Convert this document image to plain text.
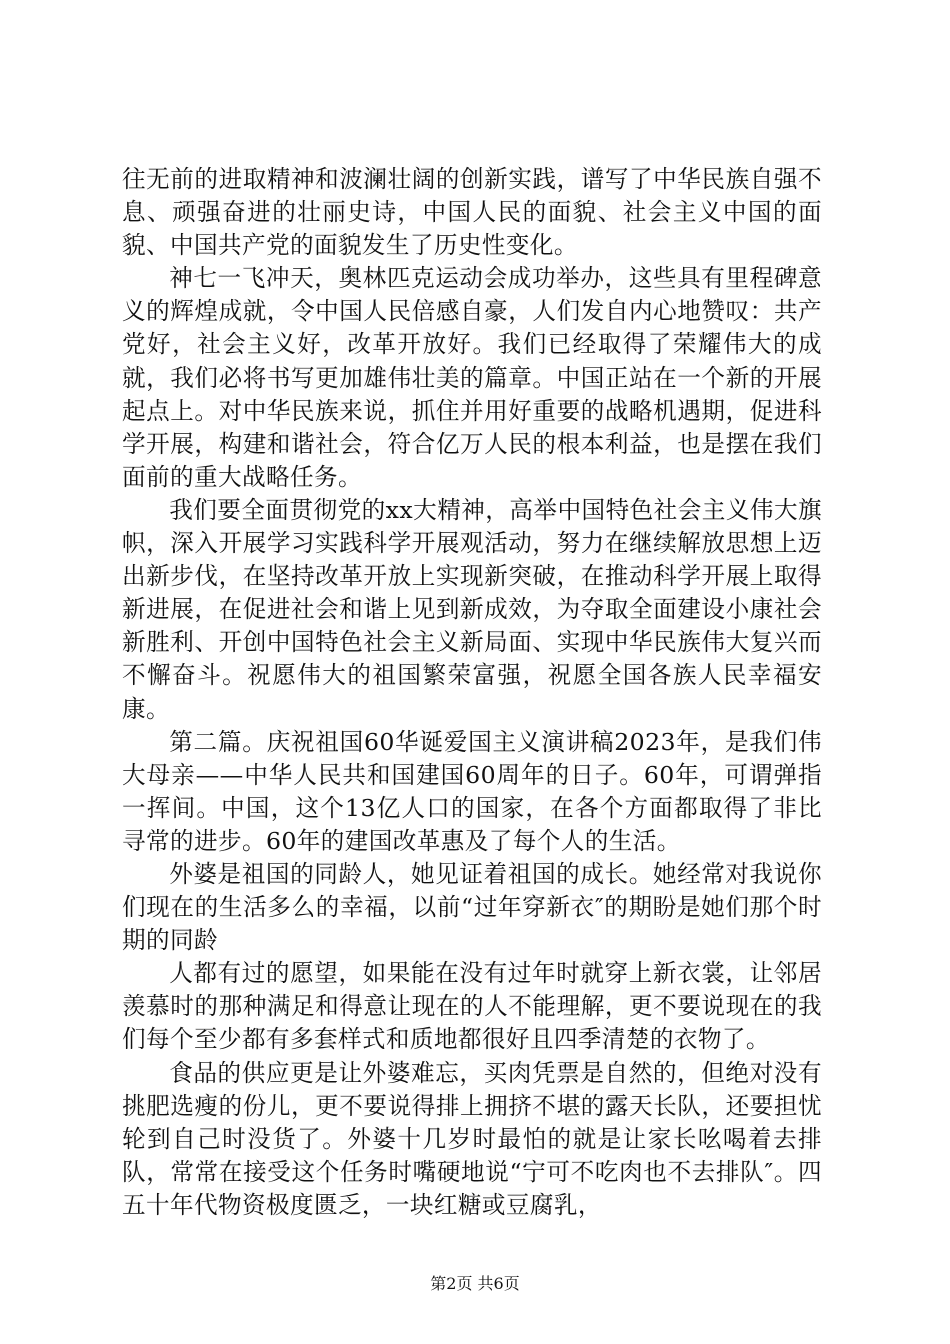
往无前的进取精神和波澜壮阔的创新实践，谱写了中华民族自强不息、顽强奋进的壮丽史诗，中国人民的面貌、社会主义中国的面貌、中国共产党的面貌发生了历史性变化。

神七一飞冲天，奥林匹克运动会成功举办，这些具有里程碑意义的辉煌成就，令中国人民倍感自豪，人们发自内心地赞叹：共产党好，社会主义好，改革开放好。我们已经取得了荣耀伟大的成就，我们必将书写更加雄伟壮美的篇章。中国正站在一个新的开展起点上。对中华民族来说，抓住并用好重要的战略机遇期，促进科学开展，构建和谐社会，符合亿万人民的根本利益，也是摆在我们面前的重大战略任务。

我们要全面贯彻党的xx大精神，高举中国特色社会主义伟大旗帜，深入开展学习实践科学开展观活动，努力在继续解放思想上迈出新步伐，在坚持改革开放上实现新突破，在推动科学开展上取得新进展，在促进社会和谐上见到新成效，为夺取全面建设小康社会新胜利、开创中国特色社会主义新局面、实现中华民族伟大复兴而不懈奋斗。祝愿伟大的祖国繁荣富强，祝愿全国各族人民幸福安康。

第二篇。庆祝祖国60华诞爱国主义演讲稿2023年，是我们伟大母亲——中华人民共和国建国60周年的日子。60年，可谓弹指一挥间。中国，这个13亿人口的国家，在各个方面都取得了非比寻常的进步。60年的建国改革惠及了每个人的生活。

外婆是祖国的同龄人，她见证着祖国的成长。她经常对我说你们现在的生活多么的幸福，以前“过年穿新衣″的期盼是她们那个时期的同龄

人都有过的愿望，如果能在没有过年时就穿上新衣裳，让邻居羡慕时的那种满足和得意让现在的人不能理解，更不要说现在的我们每个至少都有多套样式和质地都很好且四季清楚的衣物了。

食品的供应更是让外婆难忘，买肉凭票是自然的，但绝对没有挑肥选瘦的份儿，更不要说得排上拥挤不堪的露天长队，还要担忧轮到自己时没货了。外婆十几岁时最怕的就是让家长吆喝着去排队，常常在接受这个任务时嘴硬地说“宁可不吃肉也不去排队″。四五十年代物资极度匮乏，一块红糖或豆腐乳，

第2页 共6页
